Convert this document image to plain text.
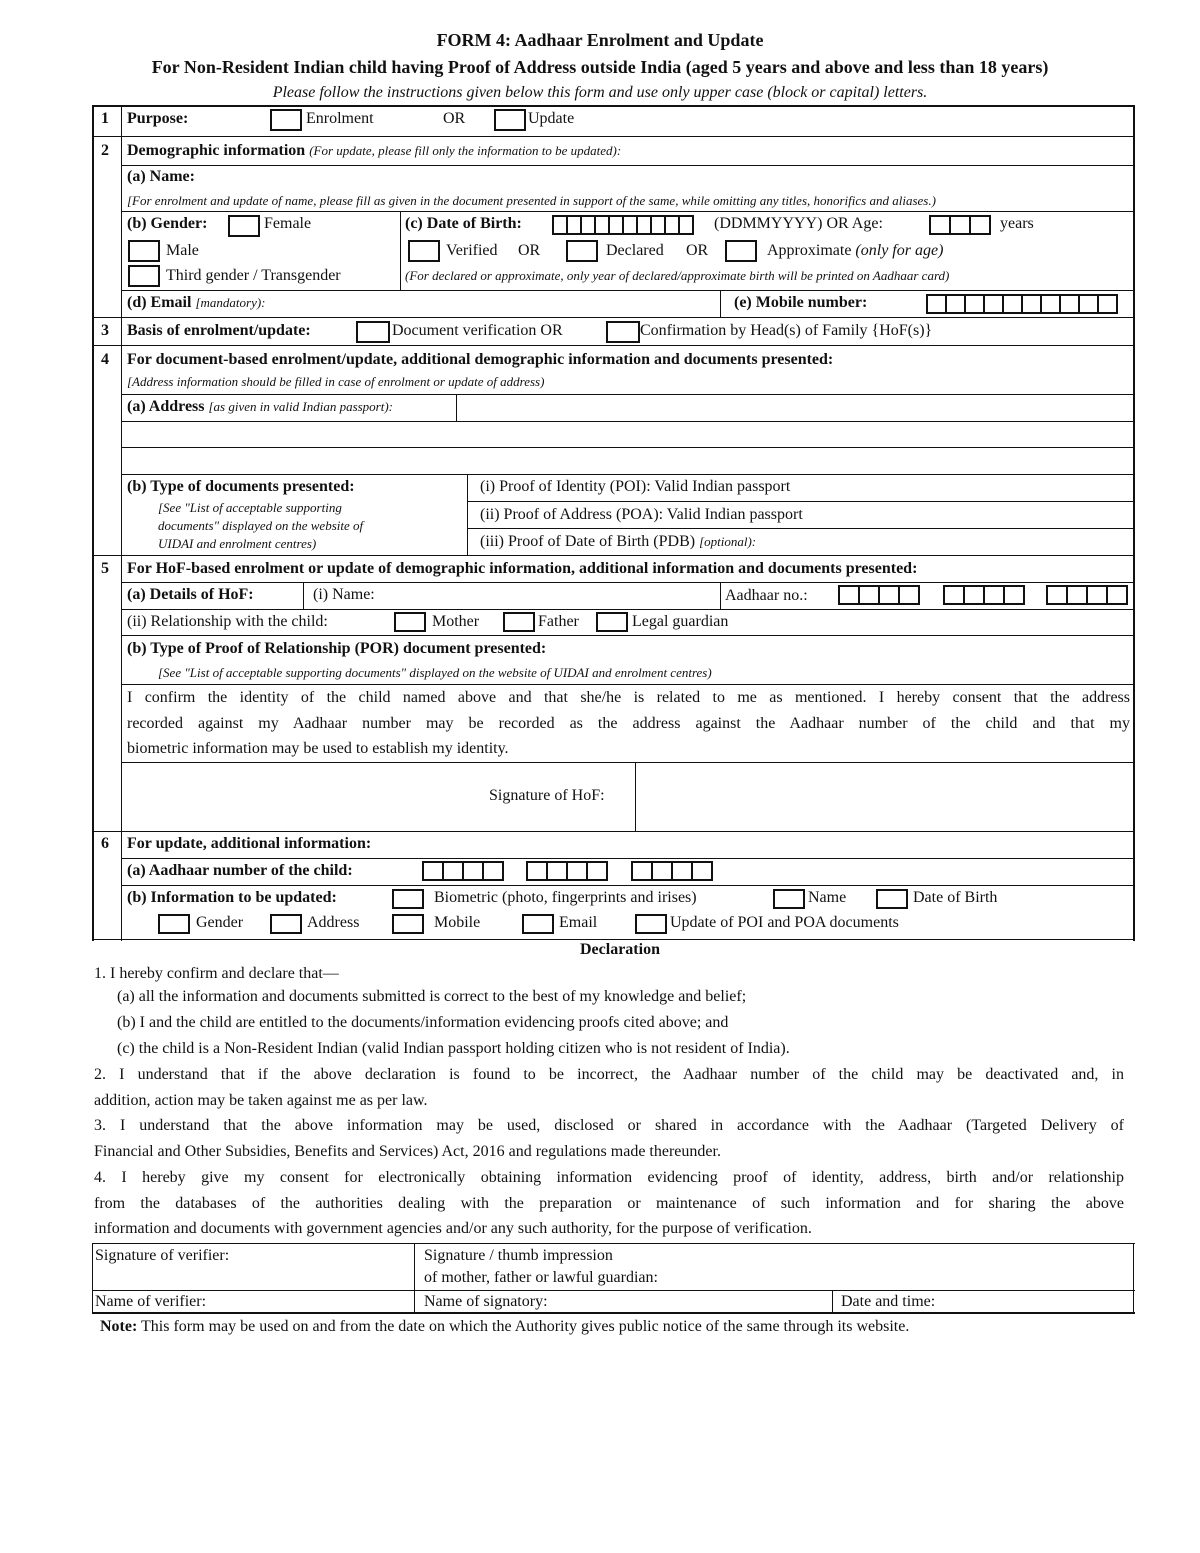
FORM 4: Aadhaar Enrolment and Update
For Non-Resident Indian child having Proof of Address outside India (aged 5 years and above and less than 18 years)
Please follow the instructions given below this form and use only upper case (block or capital) letters.
1 Purpose:	Enrolment	OR	Update
2 Demographic information (For update, please fill only the information to be updated):
(a) Name:
[For enrolment and update of name, please fill as given in the document presented in support of the same, while omitting any titles, honorifics and aliases.)
(b) Gender:	Female
Male
Third gender / Transgender
(c) Date of Birth:	(DDMMYYYY) OR Age:	years
Verified OR	Declared OR	Approximate (only for age)
(For declared or approximate, only year of declared/approximate birth will be printed on Aadhaar card)
(d) Email [mandatory):	(e) Mobile number:
3 Basis of enrolment/update:	Document verification OR	Confirmation by Head(s) of Family {HoF(s)}
4 For document-based enrolment/update, additional demographic information and documents presented:
[Address information should be filled in case of enrolment or update of address)
(a) Address [as given in valid Indian passport):
(b) Type of documents presented:
[See "List of acceptable supporting
documents" displayed on the website of
UIDAI and enrolment centres)
(i) Proof of Identity (POI): Valid Indian passport
(ii) Proof of Address (POA): Valid Indian passport
(iii) Proof of Date of Birth (PDB) [optional):
5 For HoF-based enrolment or update of demographic information, additional information and documents presented:
(a) Details of HoF:	(i) Name:	Aadhaar no.:
(ii) Relationship with the child:	Mother	Father	Legal guardian
(b) Type of Proof of Relationship (POR) document presented:
[See "List of acceptable supporting documents" displayed on the website of UIDAI and enrolment centres)
I confirm the identity of the child named above and that she/he is related to me as mentioned. I hereby consent that the address
recorded against my Aadhaar number may be recorded as the address against the Aadhaar number of the child and that my
biometric information may be used to establish my identity.
Signature of HoF:
6 For update, additional information:
(a) Aadhaar number of the child:
(b) Information to be updated:	Biometric (photo, fingerprints and irises)	Name	Date of Birth
Gender	Address	Mobile	Email	Update of POI and POA documents
Declaration
1. I hereby confirm and declare that—
(a) all the information and documents submitted is correct to the best of my knowledge and belief;
(b) I and the child are entitled to the documents/information evidencing proofs cited above; and
(c) the child is a Non-Resident Indian (valid Indian passport holding citizen who is not resident of India).
2. I understand that if the above declaration is found to be incorrect, the Aadhaar number of the child may be deactivated and, in
addition, action may be taken against me as per law.
3. I understand that the above information may be used, disclosed or shared in accordance with the Aadhaar (Targeted Delivery of
Financial and Other Subsidies, Benefits and Services) Act, 2016 and regulations made thereunder.
4. I hereby give my consent for electronically obtaining information evidencing proof of identity, address, birth and/or relationship
from the databases of the authorities dealing with the preparation or maintenance of such information and for sharing the above
information and documents with government agencies and/or any such authority, for the purpose of verification.
Signature of verifier:	Signature / thumb impression
of mother, father or lawful guardian:
Name of verifier:	Name of signatory:	Date and time:
Note: This form may be used on and from the date on which the Authority gives public notice of the same through its website.
